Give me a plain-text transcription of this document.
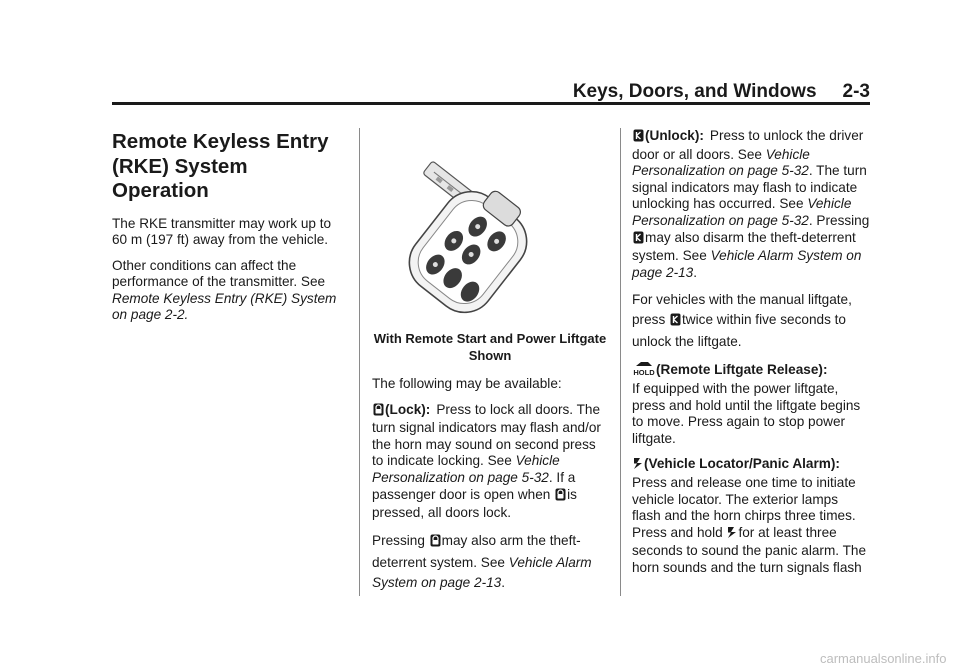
Keys, Doors, and Windows 2-3
Remote Keyless Entry
(RKE) System Operation

The RKE transmitter may work up to 60 m (197 ft) away from the vehicle.

Other conditions can affect the performance of the transmitter. See Remote Keyless Entry (RKE) System on page 2-2.

With Remote Start and Power Liftgate Shown

The following may be available:

(Lock): Press to lock all doors. The turn signal indicators may flash and/or the horn may sound on second press to indicate locking. See Vehicle Personalization on page 5-32. If a passenger door is open when is pressed, all doors lock.

Pressing may also arm the theft-deterrent system. See Vehicle Alarm System on page 2-13.

(Unlock): Press to unlock the driver door or all doors. See Vehicle Personalization on page 5-32. The turn signal indicators may flash to indicate unlocking has occurred. See Vehicle Personalization on page 5-32. Pressing may also disarm the theft-deterrent system. See Vehicle Alarm System on page 2-13.

For vehicles with the manual liftgate, press twice within five seconds to unlock the liftgate.

HOLD (Remote Liftgate Release):
If equipped with the power liftgate, press and hold until the liftgate begins to move. Press again to stop power liftgate.

(Vehicle Locator/Panic Alarm):Press and release one time to initiate vehicle locator. The exterior lamps flash and the horn chirps three times. Press and hold for at least three seconds to sound the panic alarm. The horn sounds and the turn signals flash

carmanualsonline.info
